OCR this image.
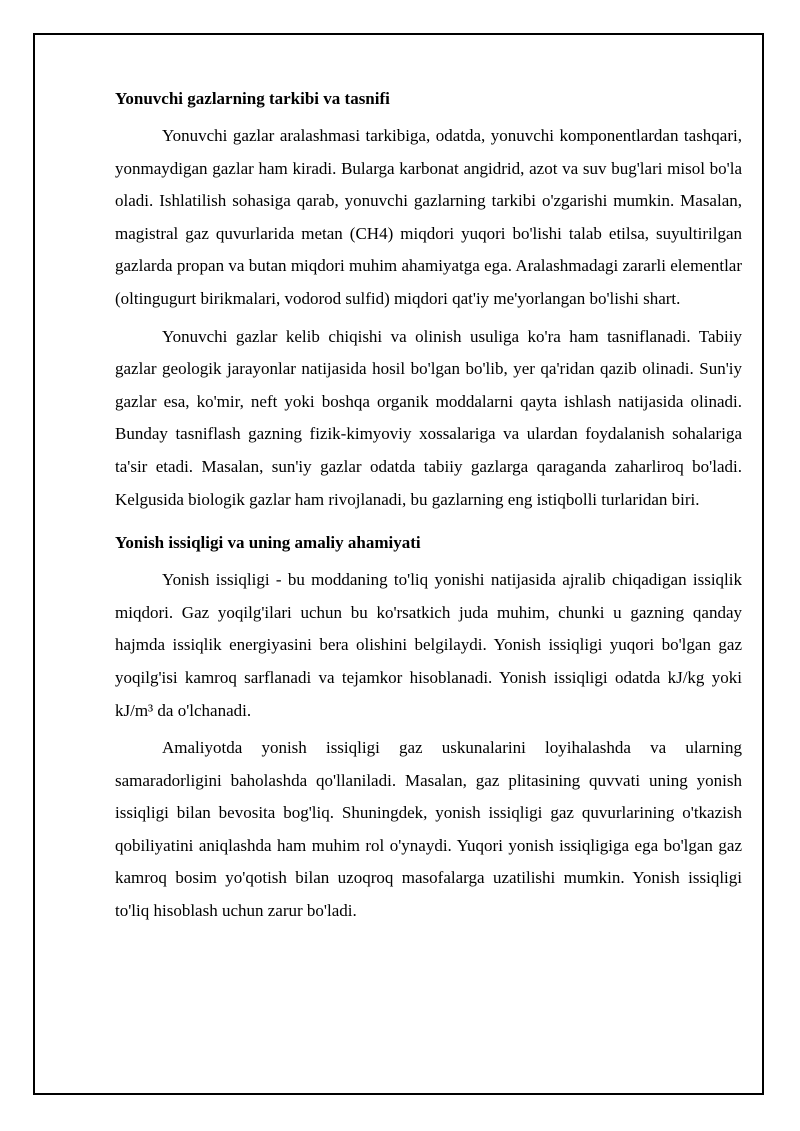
Yonuvchi gazlarning tarkibi va tasnifi

Yonuvchi gazlar aralashmasi tarkibiga, odatda, yonuvchi komponentlardan tashqari, yonmaydigan gazlar ham kiradi. Bularga karbonat angidrid, azot va suv bug'lari misol bo'la oladi. Ishlatilish sohasiga qarab, yonuvchi gazlarning tarkibi o'zgarishi mumkin. Masalan, magistral gaz quvurlarida metan (CH4) miqdori yuqori bo'lishi talab etilsa, suyultirilgan gazlarda propan va butan miqdori muhim ahamiyatga ega. Aralashmadagi zararli elementlar (oltingugurt birikmalari, vodorod sulfid) miqdori qat'iy me'yorlangan bo'lishi shart.

Yonuvchi gazlar kelib chiqishi va olinish usuliga ko'ra ham tasniflanadi. Tabiiy gazlar geologik jarayonlar natijasida hosil bo'lgan bo'lib, yer qa'ridan qazib olinadi. Sun'iy gazlar esa, ko'mir, neft yoki boshqa organik moddalarni qayta ishlash natijasida olinadi. Bunday tasniflash gazning fizik-kimyoviy xossalariga va ulardan foydalanish sohalariga ta'sir etadi. Masalan, sun'iy gazlar odatda tabiiy gazlarga qaraganda zaharliroq bo'ladi. Kelgusida biologik gazlar ham rivojlanadi, bu gazlarning eng istiqbolli turlaridan biri.

Yonish issiqligi va uning amaliy ahamiyati

Yonish issiqligi - bu moddaning to'liq yonishi natijasida ajralib chiqadigan issiqlik miqdori. Gaz yoqilg'ilari uchun bu ko'rsatkich juda muhim, chunki u gazning qanday hajmda issiqlik energiyasini bera olishini belgilaydi. Yonish issiqligi yuqori bo'lgan gaz yoqilg'isi kamroq sarflanadi va tejamkor hisoblanadi. Yonish issiqligi odatda kJ/kg yoki kJ/m³ da o'lchanadi.

Amaliyotda yonish issiqligi gaz uskunalarini loyihalashda va ularning samaradorligini baholashda qo'llaniladi. Masalan, gaz plitasining quvvati uning yonish issiqligi bilan bevosita bog'liq. Shuningdek, yonish issiqligi gaz quvurlarining o'tkazish qobiliyatini aniqlashda ham muhim rol o'ynaydi. Yuqori yonish issiqligiga ega bo'lgan gaz kamroq bosim yo'qotish bilan uzoqroq masofalarga uzatilishi mumkin. Yonish issiqligi to'liq hisoblash uchun zarur bo'ladi.
